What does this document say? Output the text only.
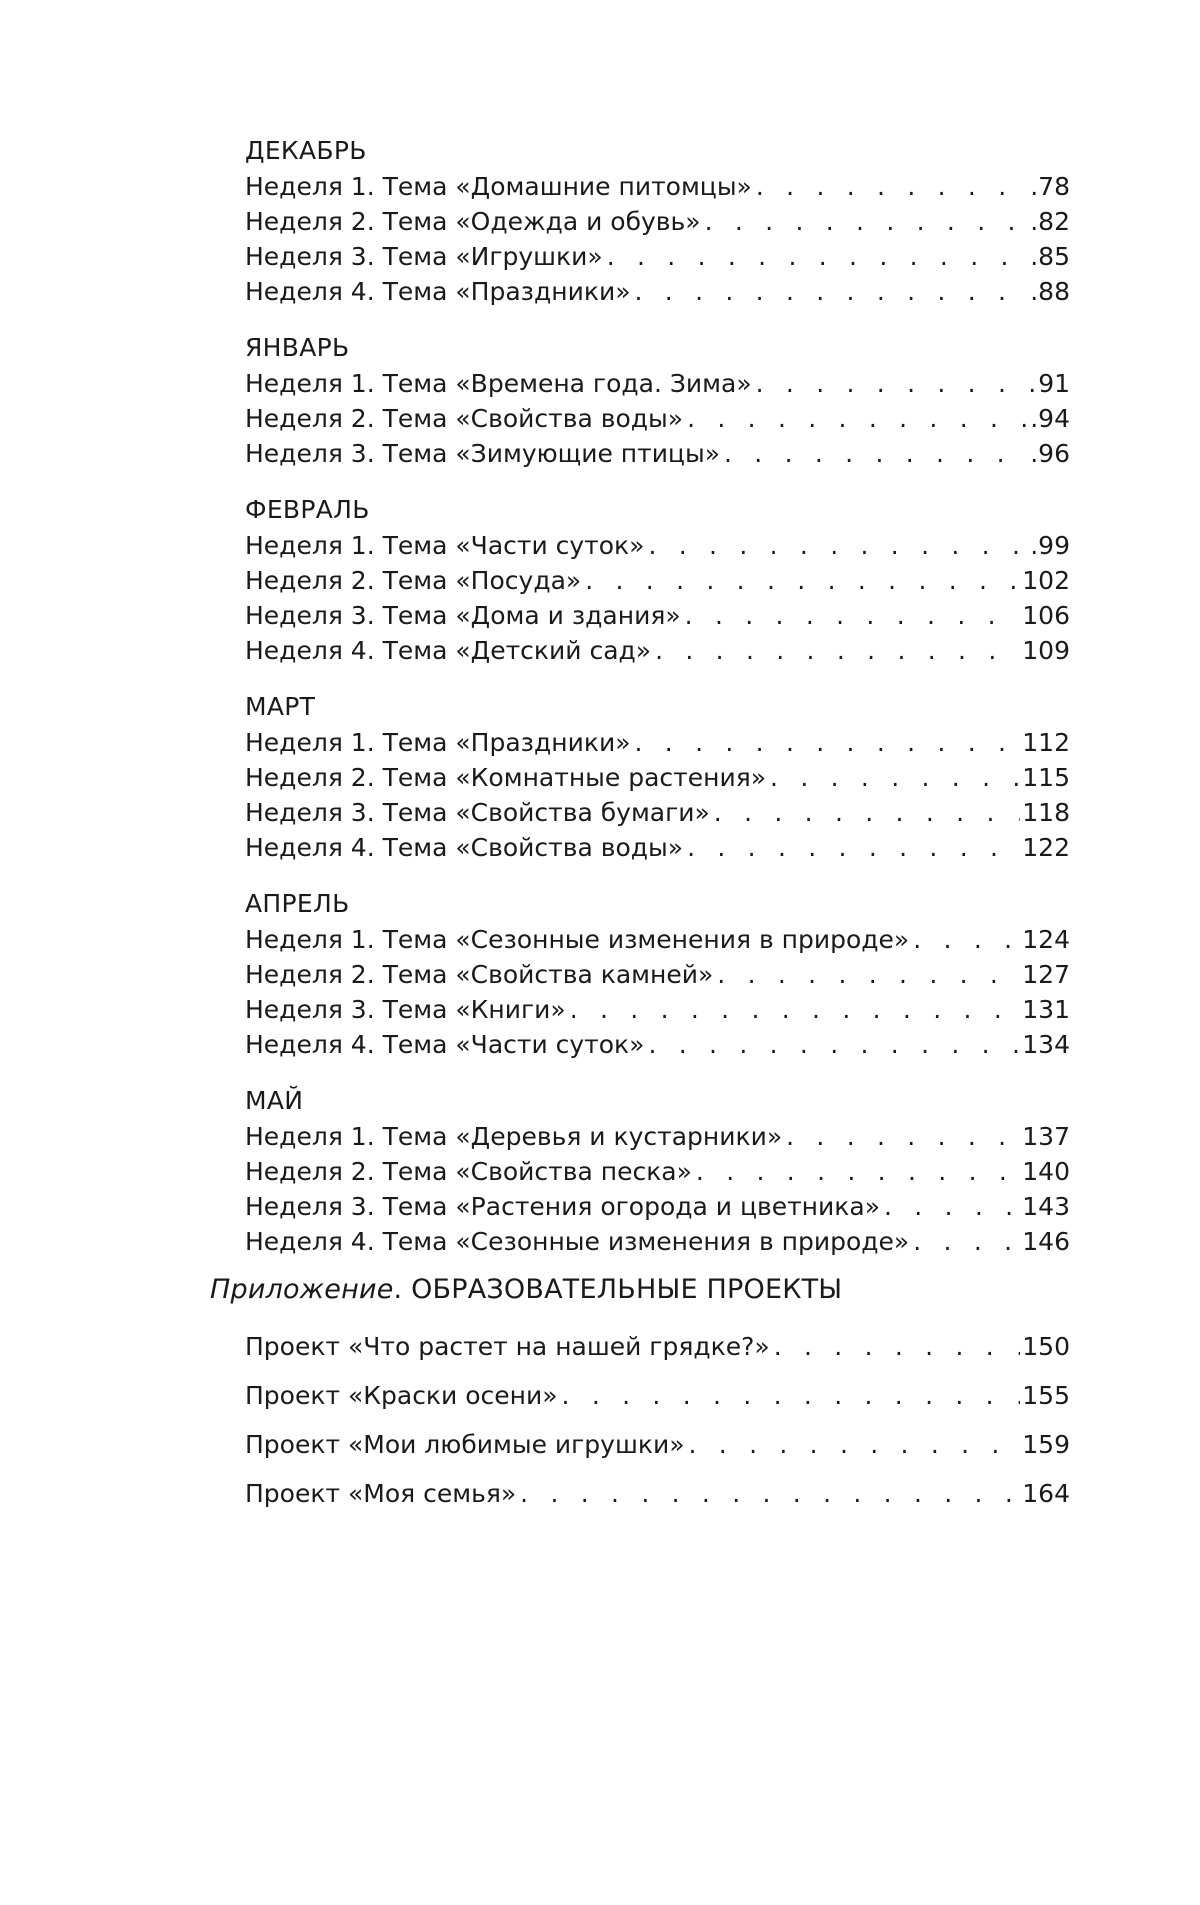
ДЕКАБРЬ
Неделя 1. Тема «Домашние питомцы» . . .	.78
Неделя 2. Тема «Одежда и обувь» . . .	.82
Неделя 3. Тема «Игрушки» . . .	.85
Неделя 4. Тема «Праздники» . . .	.88
ЯНВАРЬ
Неделя 1. Тема «Времена года. Зима» . . .	91
Неделя 2. Тема «Свойства воды» . . .	.94
Неделя 3. Тема «Зимующие птицы» . . .	.96
ФЕВРАЛЬ
Неделя 1. Тема «Части суток» . . .	.99
Неделя 2. Тема «Посуда» . . .	102
Неделя 3. Тема «Дома и здания» . . .	106
Неделя 4. Тема «Детский сад» . . .	109
МАРТ
Неделя 1. Тема «Праздники» . . .	112
Неделя 2. Тема «Комнатные растения» . . .	115
Неделя 3. Тема «Свойства бумаги» . . .	118
Неделя 4. Тема «Свойства воды» . . .	122
АПРЕЛЬ
Неделя 1. Тема «Сезонные изменения в природе» . . .	124
Неделя 2. Тема «Свойства камней» . . .	127
Неделя 3. Тема «Книги» . . .	131
Неделя 4. Тема «Части суток» . . .	134
МАЙ
Неделя 1. Тема «Деревья и кустарники» . . .	137
Неделя 2. Тема «Свойства песка» . . .	140
Неделя 3. Тема «Растения огорода и цветника» . . .	143
Неделя 4. Тема «Сезонные изменения в природе» . . .	146
Приложение. ОБРАЗОВАТЕЛЬНЫЕ ПРОЕКТЫ
Проект «Что растет на нашей грядке?» . . .	150
Проект «Краски осени» . . .	155
Проект «Мои любимые игрушки» . . .	159
Проект «Моя семья» . . .	164
